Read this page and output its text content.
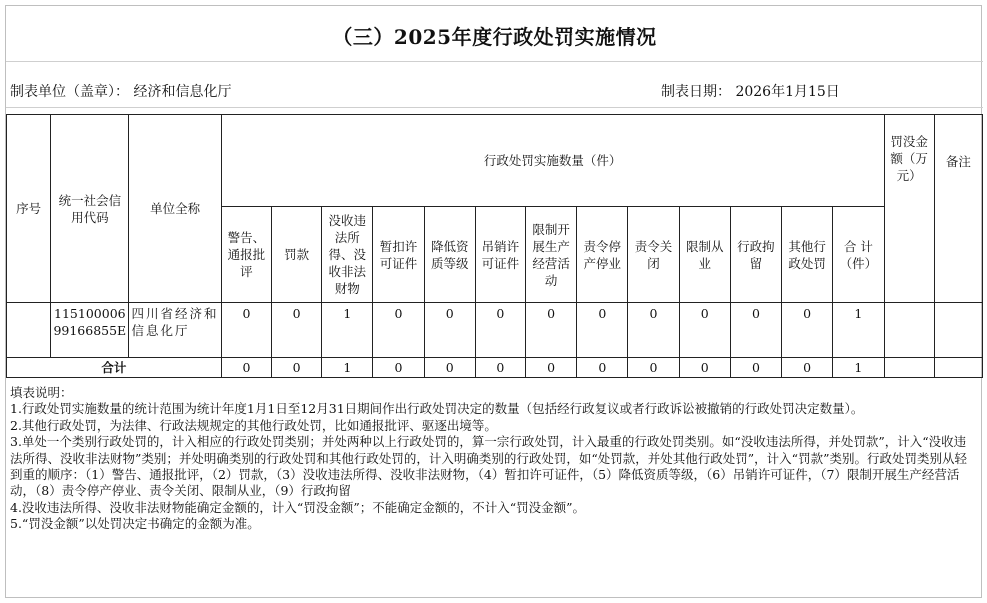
（三）2025年度行政处罚实施情况
制表单位（盖章）： 经济和信息化厅	制表日期： 2026年1月15日
序号	统一社会信用代码	单位全称	行政处罚实施数量（件）													罚没金额（万元）	备注
			警告、通报批评	罚款	没收违法所得、没收非法财物	暂扣许可证件	降低资质等级	吊销许可证件	限制开展生产经营活动	责令停产停业	责令关闭	限制从业	行政拘留	其他行政处罚	合 计（件）		
	11510000699166855E	四川省经济和信息化厅	0	0	1	0	0	0	0	0	0	0	0	0	1		
合计			0	0	1	0	0	0	0	0	0	0	0	0	1		

填表说明：

1.行政处罚实施数量的统计范围为统计年度1月1日至12月31日期间作出行政处罚决定的数量（包括经行政复议或者行政诉讼被撤销的行政处罚决定数量）。

2.其他行政处罚，为法律、行政法规规定的其他行政处罚，比如通报批评、驱逐出境等。

3.单处一个类别行政处罚的，计入相应的行政处罚类别；并处两种以上行政处罚的，算一宗行政处罚，计入最重的行政处罚类别。如“没收违法所得，并处罚款”，计入“没收违法所得、没收非法财物”类别；并处明确类别的行政处罚和其他行政处罚的，计入明确类别的行政处罚，如“处罚款，并处其他行政处罚”，计入“罚款”类别。行政处罚类别从轻到重的顺序：（1）警告、通报批评，（2）罚款，（3）没收违法所得、没收非法财物，（4）暂扣许可证件，（5）降低资质等级，（6）吊销许可证件，（7）限制开展生产经营活动，（8）责令停产停业、责令关闭、限制从业，（9）行政拘留

4.没收违法所得、没收非法财物能确定金额的，计入“罚没金额”；不能确定金额的，不计入“罚没金额”。

5.“罚没金额”以处罚决定书确定的金额为准。
